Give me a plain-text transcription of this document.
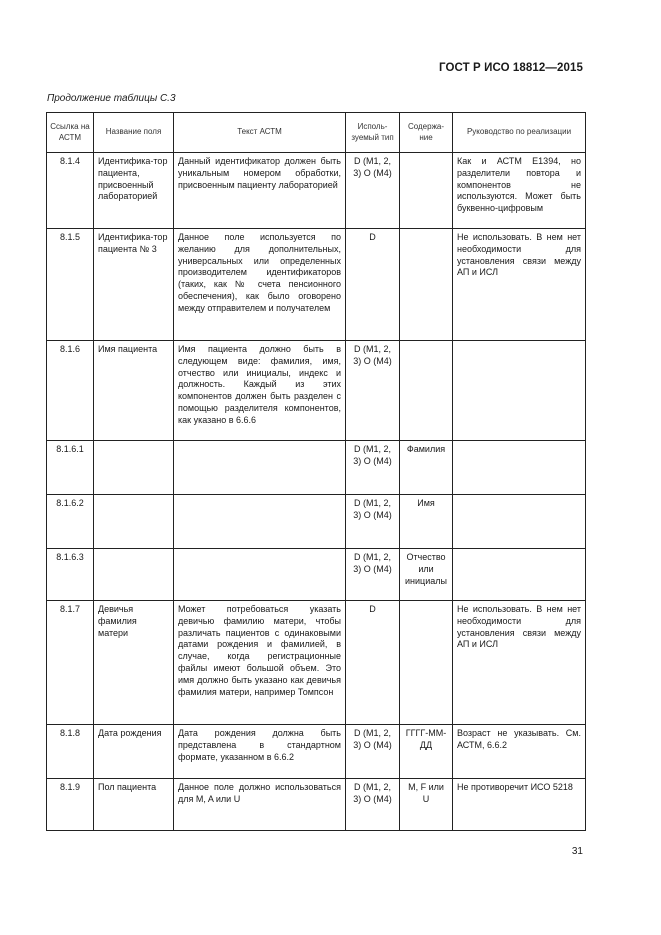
ГОСТ Р ИСО 18812—2015
Продолжение таблицы С.3
Ссылка на АСТМ	Название поля	Текст АСТМ	Исполь-зуемый тип	Содержа-ние	Руководство по реализации
8.1.4	Идентифика-тор пациента, присвоенный лабораторией	Данный идентификатор должен быть уникальным номером обработки, присвоенным пациенту лабораторией	D (M1, 2, 3) O (M4)		Как и АСТМ Е1394, но разделители повтора и компонентов не используются. Может быть буквенно-цифровым
8.1.5	Идентифика-тор пациента № 3	Данное поле используется по желанию для дополнительных, универсальных или определенных производителем идентификаторов (таких, как № счета пенсионного обеспечения), как было оговорено между отправителем и получателем	D		Не использовать. В нем нет необходимости для установления связи между АП и ИСЛ
8.1.6	Имя пациента	Имя пациента должно быть в следующем виде: фамилия, имя, отчество или инициалы, индекс и должность. Каждый из этих компонентов должен быть разделен с помощью разделителя компонентов, как указано в 6.6.6	D (M1, 2, 3) O (M4)		
8.1.6.1			D (M1, 2, 3) O (M4)	Фамилия	
8.1.6.2			D (M1, 2, 3) O (M4)	Имя	
8.1.6.3			D (M1, 2, 3) O (M4)	Отчество или инициалы	
8.1.7	Девичья фамилия матери	Может потребоваться указать девичью фамилию матери, чтобы различать пациентов с одинаковыми датами рождения и фамилией, в случае, когда регистрационные файлы имеют большой объем. Это имя должно быть указано как девичья фамилия матери, например Томпсон	D		Не использовать. В нем нет необходимости для установления связи между АП и ИСЛ
8.1.8	Дата рождения	Дата рождения должна быть представлена в стандартном формате, указанном в 6.6.2	D (M1, 2, 3) O (M4)	ГГГГ-ММ-ДД	Возраст не указывать. См. АСТМ, 6.6.2
8.1.9	Пол пациента	Данное поле должно использоваться для M, A или U	D (M1, 2, 3) O (M4)	M, F или U	Не противоречит ИСО 5218
31
